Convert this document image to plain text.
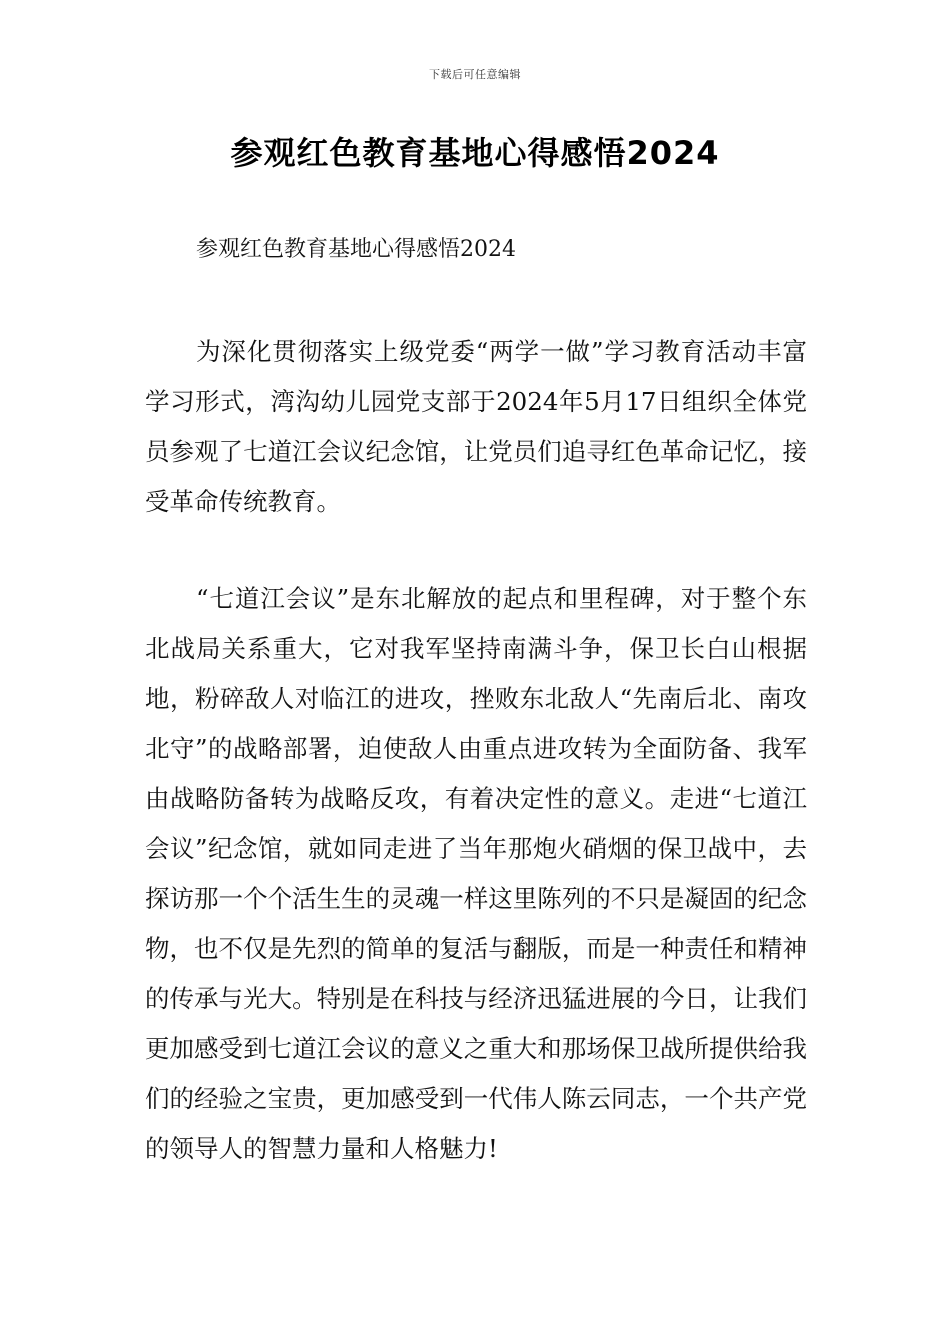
下载后可任意编辑
参观红色教育基地心得感悟2024

参观红色教育基地心得感悟2024

为深化贯彻落实上级党委“两学一做”学习教育活动丰富学习形式，湾沟幼儿园党支部于2024年5月17日组织全体党员参观了七道江会议纪念馆，让党员们追寻红色革命记忆，接受革命传统教育。

“七道江会议”是东北解放的起点和里程碑，对于整个东北战局关系重大，它对我军坚持南满斗争，保卫长白山根据地，粉碎敌人对临江的进攻，挫败东北敌人“先南后北、南攻北守”的战略部署，迫使敌人由重点进攻转为全面防备、我军由战略防备转为战略反攻，有着决定性的意义。走进“七道江会议”纪念馆，就如同走进了当年那炮火硝烟的保卫战中，去探访那一个个活生生的灵魂一样这里陈列的不只是凝固的纪念物，也不仅是先烈的简单的复活与翻版，而是一种责任和精神的传承与光大。特别是在科技与经济迅猛进展的今日，让我们更加感受到七道江会议的意义之重大和那场保卫战所提供给我们的经验之宝贵，更加感受到一代伟人陈云同志，一个共产党的领导人的智慧力量和人格魅力!
